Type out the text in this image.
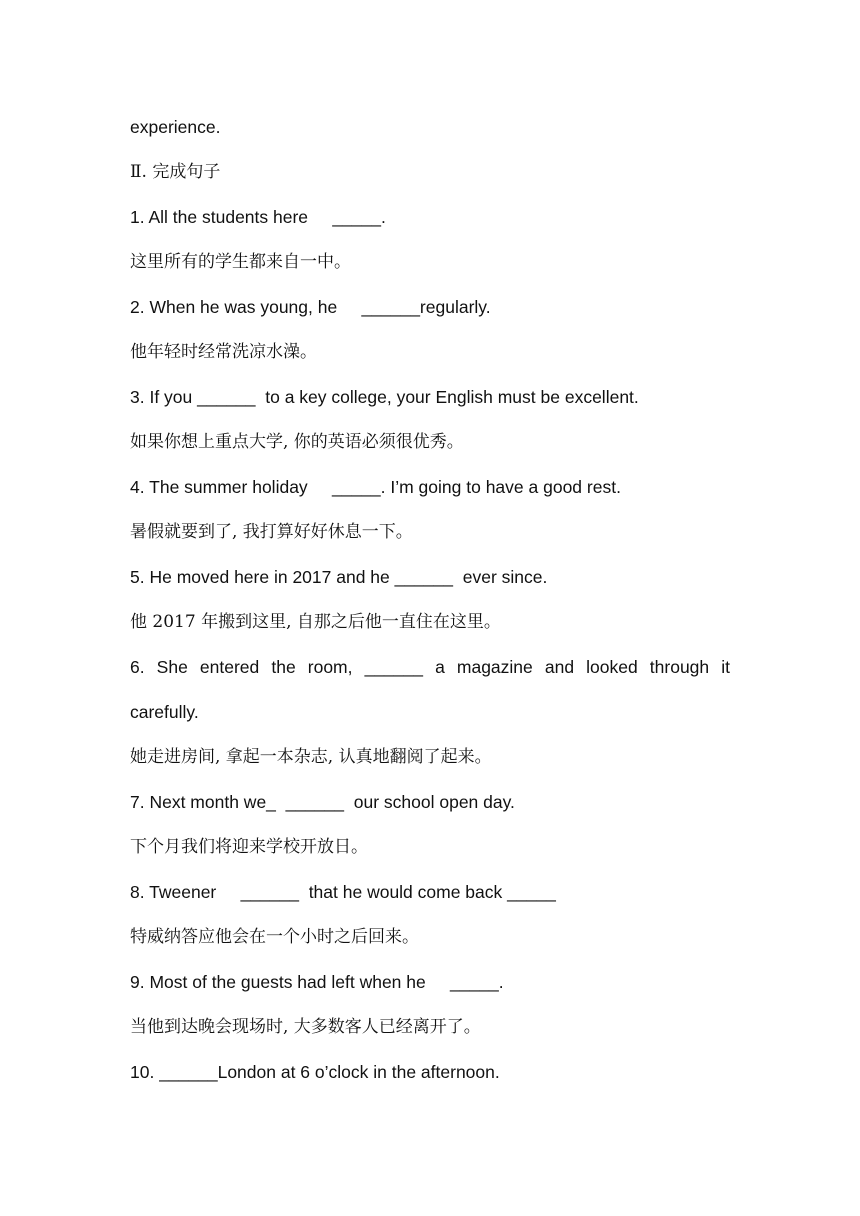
experience.
Ⅱ. 完成句子
1. All the students here     _____.
这里所有的学生都来自一中。
2. When he was young, he     ______regularly.
他年轻时经常洗凉水澡。
3. If you ______  to a key college, your English must be excellent.
如果你想上重点大学, 你的英语必须很优秀。
4. The summer holiday     _____. I’m going to have a good rest.
暑假就要到了, 我打算好好休息一下。
5. He moved here in 2017 and he ______  ever since.
他 2017 年搬到这里, 自那之后他一直住在这里。
6. She entered the room, ______ a magazine and looked through it
carefully.
她走进房间, 拿起一本杂志, 认真地翻阅了起来。
7. Next month we_  ______  our school open day.
下个月我们将迎来学校开放日。
8. Tweener     ______  that he would come back _____
特威纳答应他会在一个小时之后回来。
9. Most of the guests had left when he     _____.
当他到达晚会现场时, 大多数客人已经离开了。
10. ______London at 6 o’clock in the afternoon.
